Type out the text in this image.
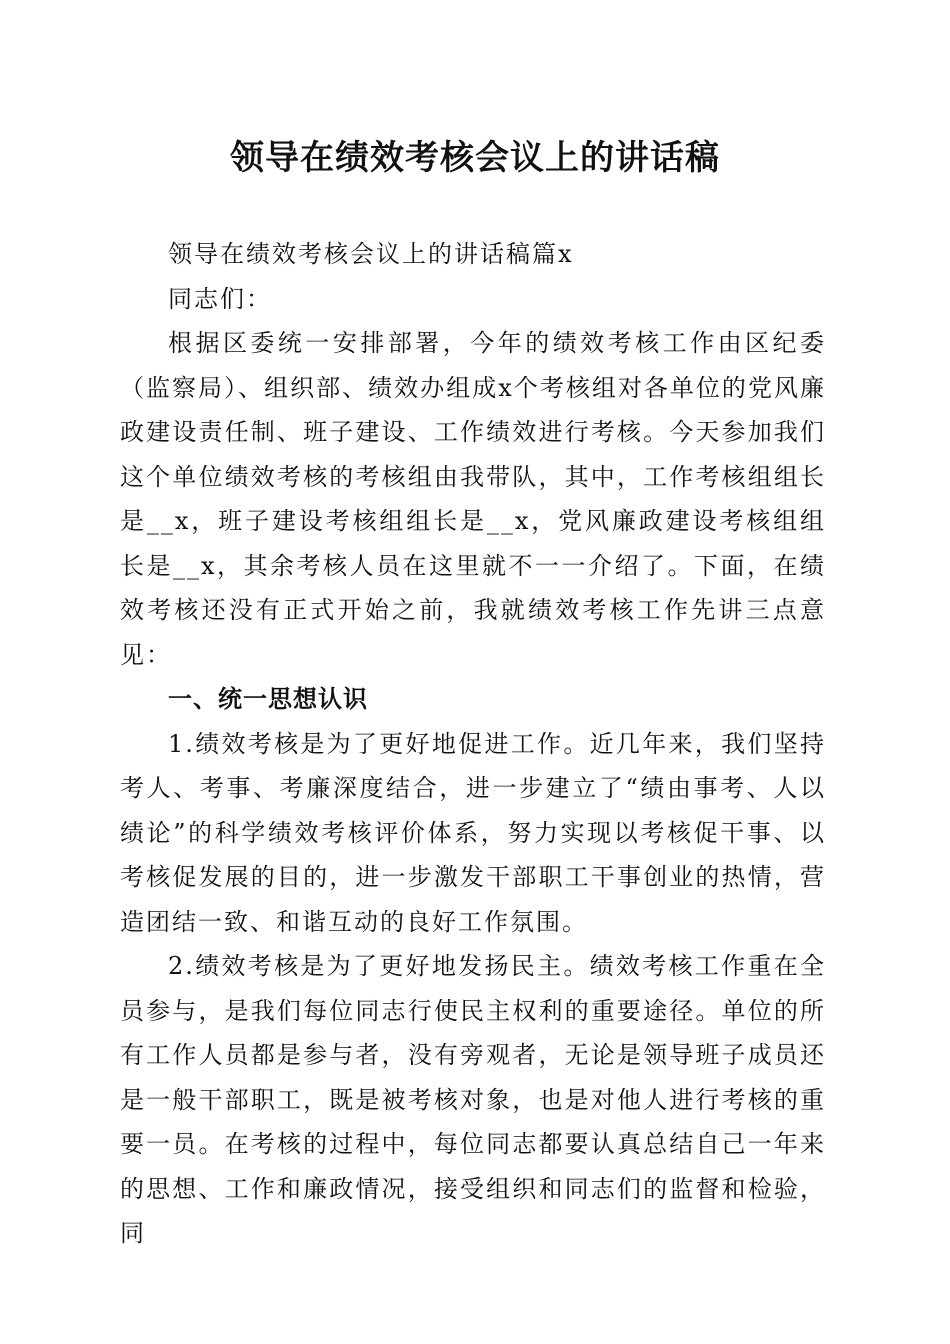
领导在绩效考核会议上的讲话稿

领导在绩效考核会议上的讲话稿篇x

同志们：

根据区委统一安排部署，今年的绩效考核工作由区纪委（监察局）、组织部、绩效办组成x个考核组对各单位的党风廉政建设责任制、班子建设、工作绩效进行考核。今天参加我们这个单位绩效考核的考核组由我带队，其中，工作考核组组长是__x，班子建设考核组组长是__x，党风廉政建设考核组组长是__x，其余考核人员在这里就不一一介绍了。下面，在绩效考核还没有正式开始之前，我就绩效考核工作先讲三点意见：

一、统一思想认识

1.绩效考核是为了更好地促进工作。近几年来，我们坚持考人、考事、考廉深度结合，进一步建立了“绩由事考、人以绩论”的科学绩效考核评价体系，努力实现以考核促干事、以考核促发展的目的，进一步激发干部职工干事创业的热情，营造团结一致、和谐互动的良好工作氛围。

2.绩效考核是为了更好地发扬民主。绩效考核工作重在全员参与，是我们每位同志行使民主权利的重要途径。单位的所有工作人员都是参与者，没有旁观者，无论是领导班子成员还是一般干部职工，既是被考核对象，也是对他人进行考核的重要一员。在考核的过程中，每位同志都要认真总结自己一年来的思想、工作和廉政情况，接受组织和同志们的监督和检验，同
